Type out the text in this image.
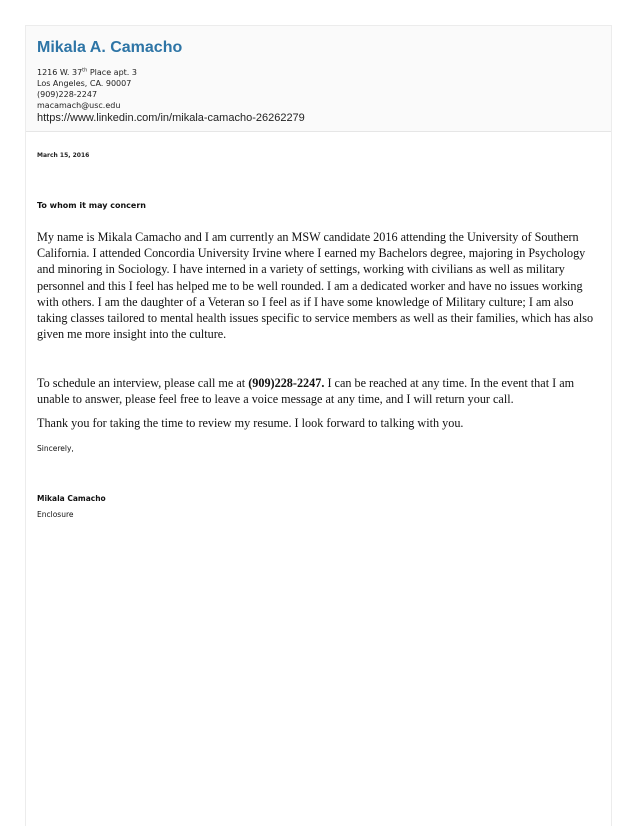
Mikala A. Camacho
1216 W. 37th Place apt. 3
Los Angeles, CA. 90007
(909)228-2247
macamach@usc.edu
https://www.linkedin.com/in/mikala-camacho-26262279
March 15, 2016
To whom it may concern
My name is Mikala Camacho and I am currently an MSW candidate 2016 attending the University of Southern California. I attended Concordia University Irvine where I earned my Bachelors degree, majoring in Psychology and minoring in Sociology. I have interned in a variety of settings, working with civilians as well as military personnel and this I feel has helped me to be well rounded. I am a dedicated worker and have no issues working with others. I am the daughter of a Veteran so I feel as if I have some knowledge of Military culture; I am also taking classes tailored to mental health issues specific to service members as well as their families, which has also given me more insight into the culture.
To schedule an interview, please call me at (909)228-2247. I can be reached at any time. In the event that I am unable to answer, please feel free to leave a voice message at any time, and I will return your call.
Thank you for taking the time to review my resume. I look forward to talking with you.
Sincerely,
Mikala Camacho
Enclosure
